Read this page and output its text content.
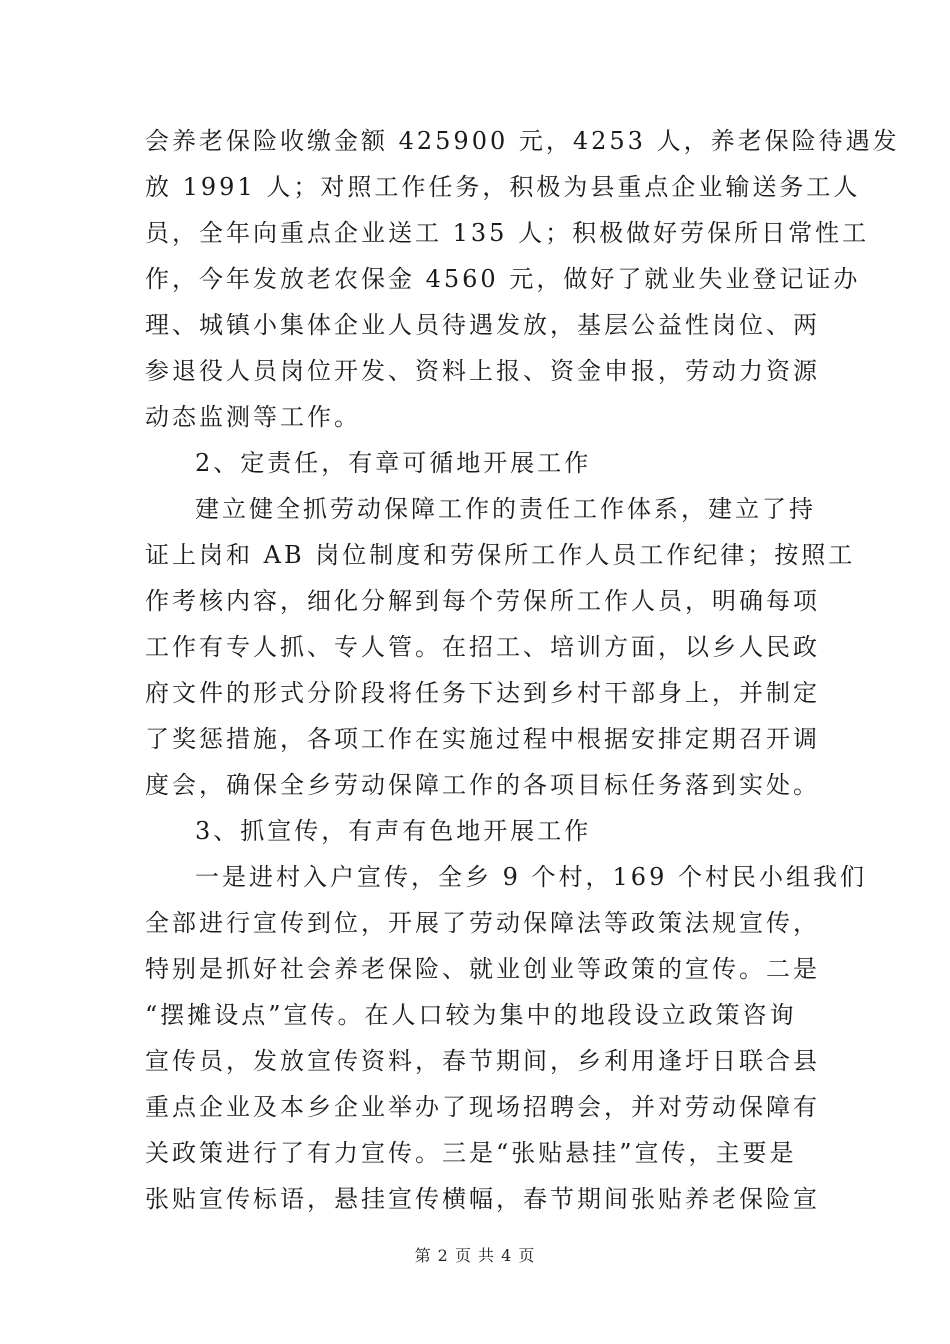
会养老保险收缴金额 425900 元，4253 人，养老保险待遇发
放 1991 人；对照工作任务，积极为县重点企业输送务工人
员，全年向重点企业送工 135 人；积极做好劳保所日常性工
作，今年发放老农保金 4560 元，做好了就业失业登记证办
理、城镇小集体企业人员待遇发放，基层公益性岗位、两
参退役人员岗位开发、资料上报、资金申报，劳动力资源
动态监测等工作。
2、定责任，有章可循地开展工作
建立健全抓劳动保障工作的责任工作体系，建立了持
证上岗和 AB 岗位制度和劳保所工作人员工作纪律；按照工
作考核内容，细化分解到每个劳保所工作人员，明确每项
工作有专人抓、专人管。在招工、培训方面，以乡人民政
府文件的形式分阶段将任务下达到乡村干部身上，并制定
了奖惩措施，各项工作在实施过程中根据安排定期召开调
度会，确保全乡劳动保障工作的各项目标任务落到实处。
3、抓宣传，有声有色地开展工作
一是进村入户宣传，全乡 9 个村，169 个村民小组我们
全部进行宣传到位，开展了劳动保障法等政策法规宣传，
特别是抓好社会养老保险、就业创业等政策的宣传。二是
“摆摊设点”宣传。在人口较为集中的地段设立政策咨询
宣传员，发放宣传资料，春节期间，乡利用逢圩日联合县
重点企业及本乡企业举办了现场招聘会，并对劳动保障有
关政策进行了有力宣传。三是“张贴悬挂”宣传，主要是
张贴宣传标语，悬挂宣传横幅，春节期间张贴养老保险宣
第 2 页 共 4 页
